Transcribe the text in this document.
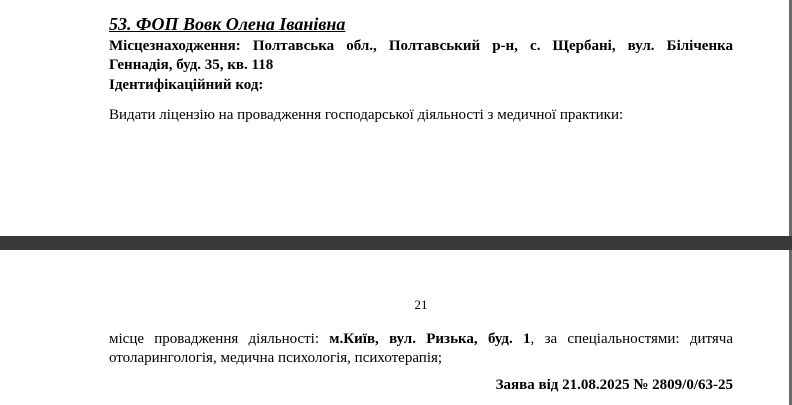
53. ФОП Вовк Олена Іванівна
Місцезнаходження: Полтавська обл., Полтавський р-н, с. Щербані, вул. Біліченка Геннадія, буд. 35, кв. 118
Ідентифікаційний код:
Видати ліцензію на провадження господарської діяльності з медичної практики:
21
місце провадження діяльності: м.Київ, вул. Ризька, буд. 1, за спеціальностями: дитяча отоларингологія, медична психологія, психотерапія;
Заява від 21.08.2025 № 2809/0/63-25
